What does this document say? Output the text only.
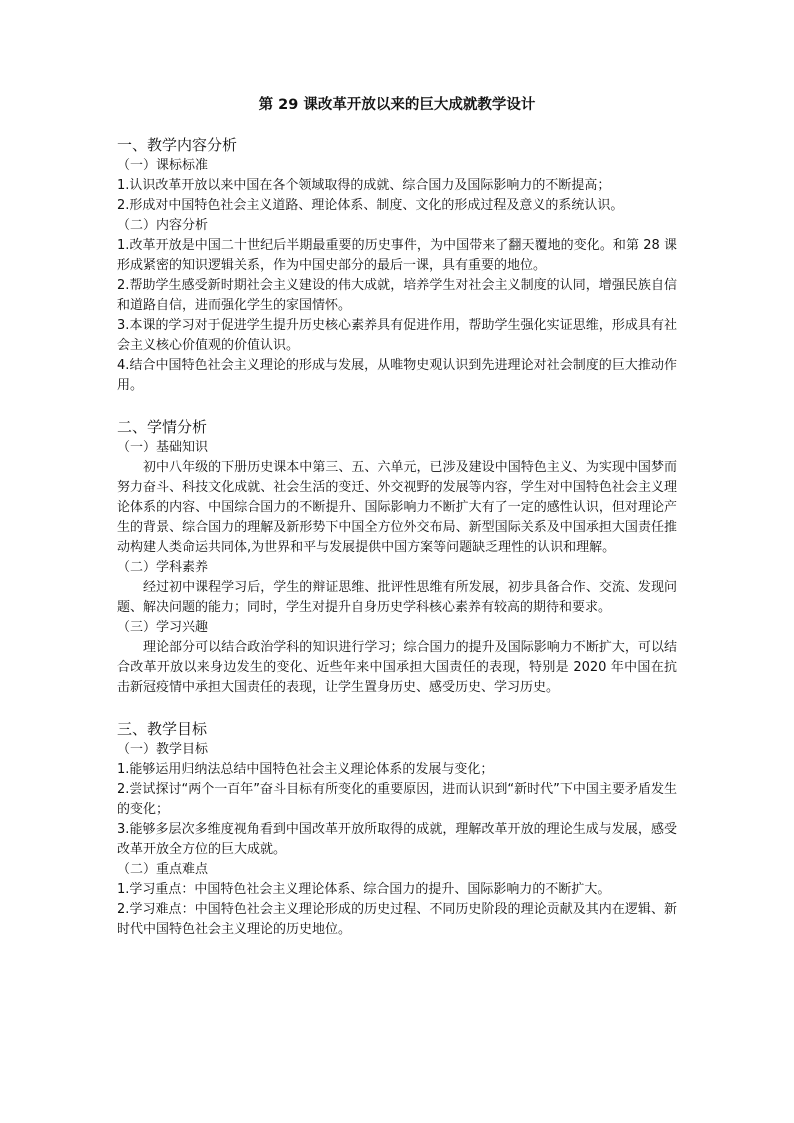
第 29 课改革开放以来的巨大成就教学设计
一、教学内容分析
（一）课标标准
1.认识改革开放以来中国在各个领域取得的成就、综合国力及国际影响力的不断提高；
2.形成对中国特色社会主义道路、理论体系、制度、文化的形成过程及意义的系统认识。
（二）内容分析
1.改革开放是中国二十世纪后半期最重要的历史事件，为中国带来了翻天覆地的变化。和第 28 课形成紧密的知识逻辑关系，作为中国史部分的最后一课，具有重要的地位。
2.帮助学生感受新时期社会主义建设的伟大成就，培养学生对社会主义制度的认同，增强民族自信和道路自信，进而强化学生的家国情怀。
3.本课的学习对于促进学生提升历史核心素养具有促进作用，帮助学生强化实证思维，形成具有社会主义核心价值观的价值认识。
4.结合中国特色社会主义理论的形成与发展，从唯物史观认识到先进理论对社会制度的巨大推动作用。
二、学情分析
（一）基础知识
初中八年级的下册历史课本中第三、五、六单元，已涉及建设中国特色主义、为实现中国梦而努力奋斗、科技文化成就、社会生活的变迁、外交视野的发展等内容，学生对中国特色社会主义理论体系的内容、中国综合国力的不断提升、国际影响力不断扩大有了一定的感性认识，但对理论产生的背景、综合国力的理解及新形势下中国全方位外交布局、新型国际关系及中国承担大国责任推动构建人类命运共同体,为世界和平与发展提供中国方案等问题缺乏理性的认识和理解。
（二）学科素养
经过初中课程学习后，学生的辩证思维、批评性思维有所发展，初步具备合作、交流、发现问题、解决问题的能力；同时，学生对提升自身历史学科核心素养有较高的期待和要求。
（三）学习兴趣
理论部分可以结合政治学科的知识进行学习；综合国力的提升及国际影响力不断扩大，可以结合改革开放以来身边发生的变化、近些年来中国承担大国责任的表现，特别是 2020 年中国在抗击新冠疫情中承担大国责任的表现，让学生置身历史、感受历史、学习历史。
三、教学目标
（一）教学目标
1.能够运用归纳法总结中国特色社会主义理论体系的发展与变化；
2.尝试探讨“两个一百年”奋斗目标有所变化的重要原因，进而认识到“新时代”下中国主要矛盾发生的变化；
3.能够多层次多维度视角看到中国改革开放所取得的成就，理解改革开放的理论生成与发展，感受改革开放全方位的巨大成就。
（二）重点难点
1.学习重点：中国特色社会主义理论体系、综合国力的提升、国际影响力的不断扩大。
2.学习难点：中国特色社会主义理论形成的历史过程、不同历史阶段的理论贡献及其内在逻辑、新时代中国特色社会主义理论的历史地位。
